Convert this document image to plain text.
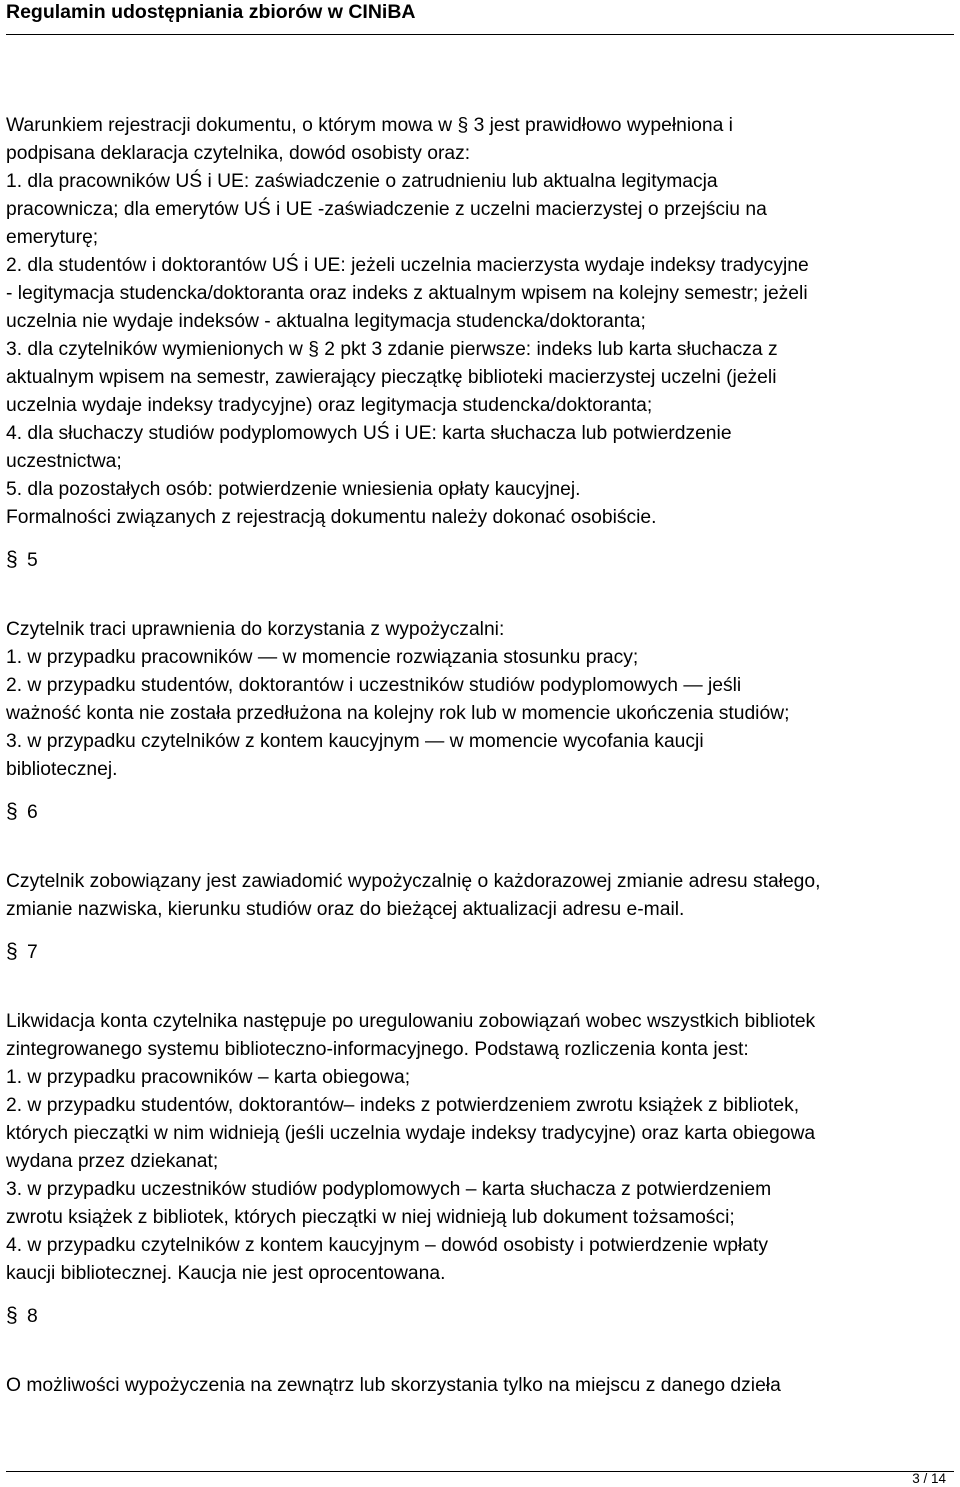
Regulamin udostępniania zbiorów w CINiBA

Warunkiem rejestracji dokumentu, o którym mowa w § 3 jest prawidłowo wypełniona i

podpisana deklaracja czytelnika, dowód osobisty oraz:

1. dla pracowników UŚ i UE: zaświadczenie o zatrudnieniu lub aktualna legitymacja

pracownicza; dla emerytów UŚ i UE -zaświadczenie z uczelni macierzystej o przejściu na

emeryturę;

2. dla studentów i doktorantów UŚ i UE: jeżeli uczelnia macierzysta wydaje indeksy tradycyjne

- legitymacja studencka/doktoranta oraz indeks z aktualnym wpisem na kolejny semestr; jeżeli

uczelnia nie wydaje indeksów - aktualna legitymacja studencka/doktoranta;

3. dla czytelników wymienionych w § 2 pkt 3 zdanie pierwsze: indeks lub karta słuchacza z

aktualnym wpisem na semestr, zawierający pieczątkę biblioteki macierzystej uczelni (jeżeli

uczelnia wydaje indeksy tradycyjne) oraz legitymacja studencka/doktoranta;

4. dla słuchaczy studiów podyplomowych UŚ i UE: karta słuchacza lub potwierdzenie

uczestnictwa;

5. dla pozostałych osób: potwierdzenie wniesienia opłaty kaucyjnej.

Formalności związanych z rejestracją dokumentu należy dokonać osobiście.

§ 5

Czytelnik traci uprawnienia do korzystania z wypożyczalni:

1. w przypadku pracowników — w momencie rozwiązania stosunku pracy;

2. w przypadku studentów, doktorantów i uczestników studiów podyplomowych — jeśli

ważność konta nie została przedłużona na kolejny rok lub w momencie ukończenia studiów;

3. w przypadku czytelników z kontem kaucyjnym — w momencie wycofania kaucji

bibliotecznej.

§ 6

Czytelnik zobowiązany jest zawiadomić wypożyczalnię o każdorazowej zmianie adresu stałego,

zmianie nazwiska, kierunku studiów oraz do bieżącej aktualizacji adresu e-mail.

§ 7

Likwidacja konta czytelnika następuje po uregulowaniu zobowiązań wobec wszystkich bibliotek

zintegrowanego systemu biblioteczno-informacyjnego. Podstawą rozliczenia konta jest:

1. w przypadku pracowników – karta obiegowa;

2. w przypadku studentów, doktorantów– indeks z potwierdzeniem zwrotu książek z bibliotek,

których pieczątki w nim widnieją (jeśli uczelnia wydaje indeksy tradycyjne) oraz karta obiegowa

wydana przez dziekanat;

3. w przypadku uczestników studiów podyplomowych – karta słuchacza z potwierdzeniem

zwrotu książek z bibliotek, których pieczątki w niej widnieją lub dokument tożsamości;

4. w przypadku czytelników z kontem kaucyjnym – dowód osobisty i potwierdzenie wpłaty

kaucji bibliotecznej. Kaucja nie jest oprocentowana.

§ 8

O możliwości wypożyczenia na zewnątrz lub skorzystania tylko na miejscu z danego dzieła

3 / 14
